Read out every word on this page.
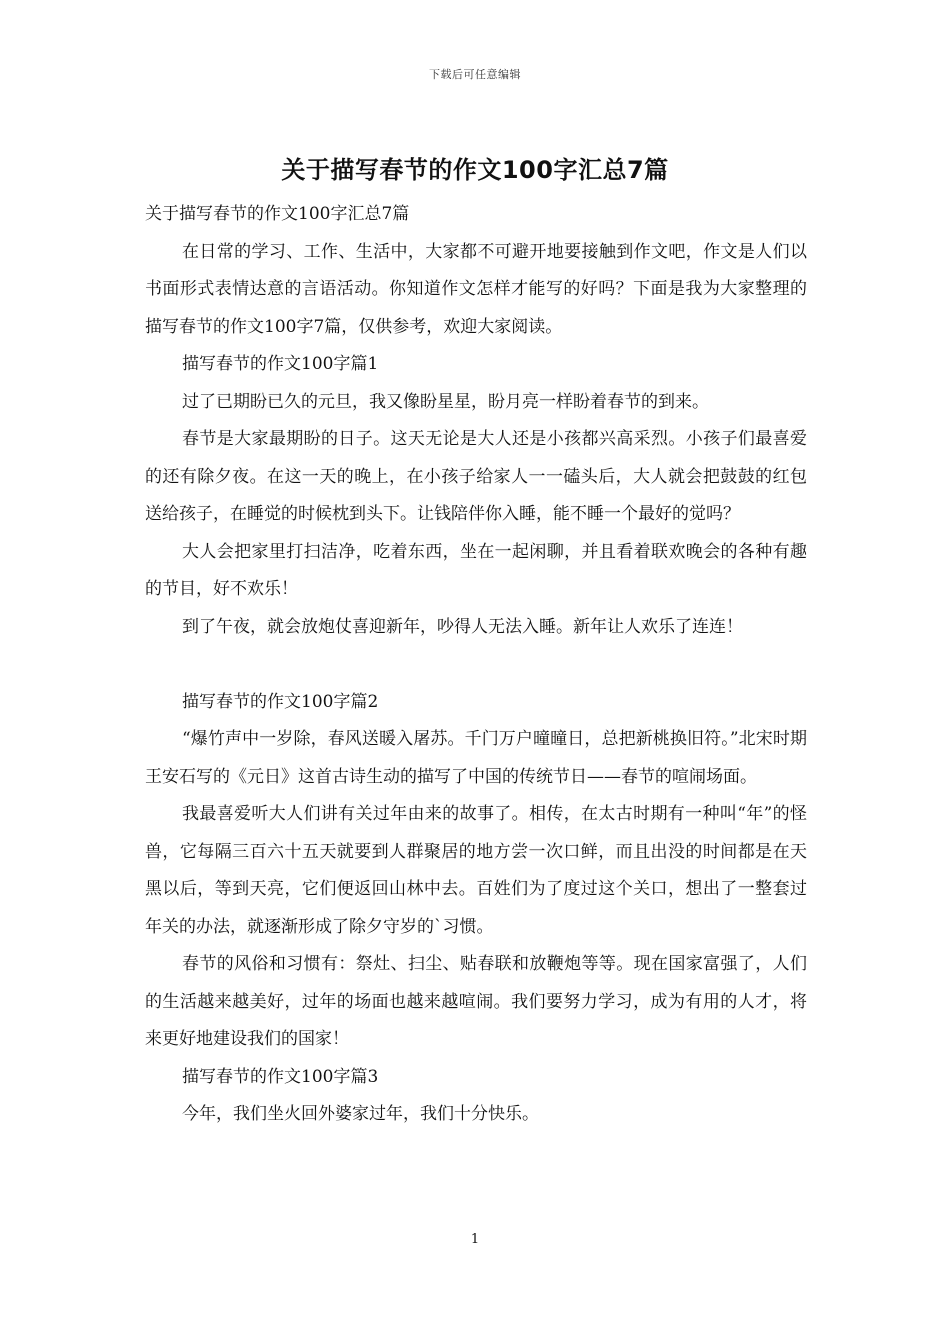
下载后可任意编辑
关于描写春节的作文100字汇总7篇

关于描写春节的作文100字汇总7篇

在日常的学习、工作、生活中，大家都不可避开地要接触到作文吧，作文是人们以书面形式表情达意的言语活动。你知道作文怎样才能写的好吗？下面是我为大家整理的描写春节的作文100字7篇，仅供参考，欢迎大家阅读。

描写春节的作文100字篇1

过了已期盼已久的元旦，我又像盼星星，盼月亮一样盼着春节的到来。

春节是大家最期盼的日子。这天无论是大人还是小孩都兴高采烈。小孩子们最喜爱的还有除夕夜。在这一天的晚上，在小孩子给家人一一磕头后，大人就会把鼓鼓的红包送给孩子，在睡觉的时候枕到头下。让钱陪伴你入睡，能不睡一个最好的觉吗？

大人会把家里打扫洁净，吃着东西，坐在一起闲聊，并且看着联欢晚会的各种有趣的节目，好不欢乐！

到了午夜，就会放炮仗喜迎新年，吵得人无法入睡。新年让人欢乐了连连！

描写春节的作文100字篇2

“爆竹声中一岁除，春风送暖入屠苏。千门万户曈曈日，总把新桃换旧符。”北宋时期王安石写的《元日》这首古诗生动的描写了中国的传统节日——春节的喧闹场面。

我最喜爱听大人们讲有关过年由来的故事了。相传，在太古时期有一种叫“年”的怪兽，它每隔三百六十五天就要到人群聚居的地方尝一次口鲜，而且出没的时间都是在天黑以后，等到天亮，它们便返回山林中去。百姓们为了度过这个关口，想出了一整套过年关的办法，就逐渐形成了除夕守岁的`习惯。

春节的风俗和习惯有：祭灶、扫尘、贴春联和放鞭炮等等。现在国家富强了，人们的生活越来越美好，过年的场面也越来越喧闹。我们要努力学习，成为有用的人才，将来更好地建设我们的国家！

描写春节的作文100字篇3

今年，我们坐火回外婆家过年，我们十分快乐。

1
